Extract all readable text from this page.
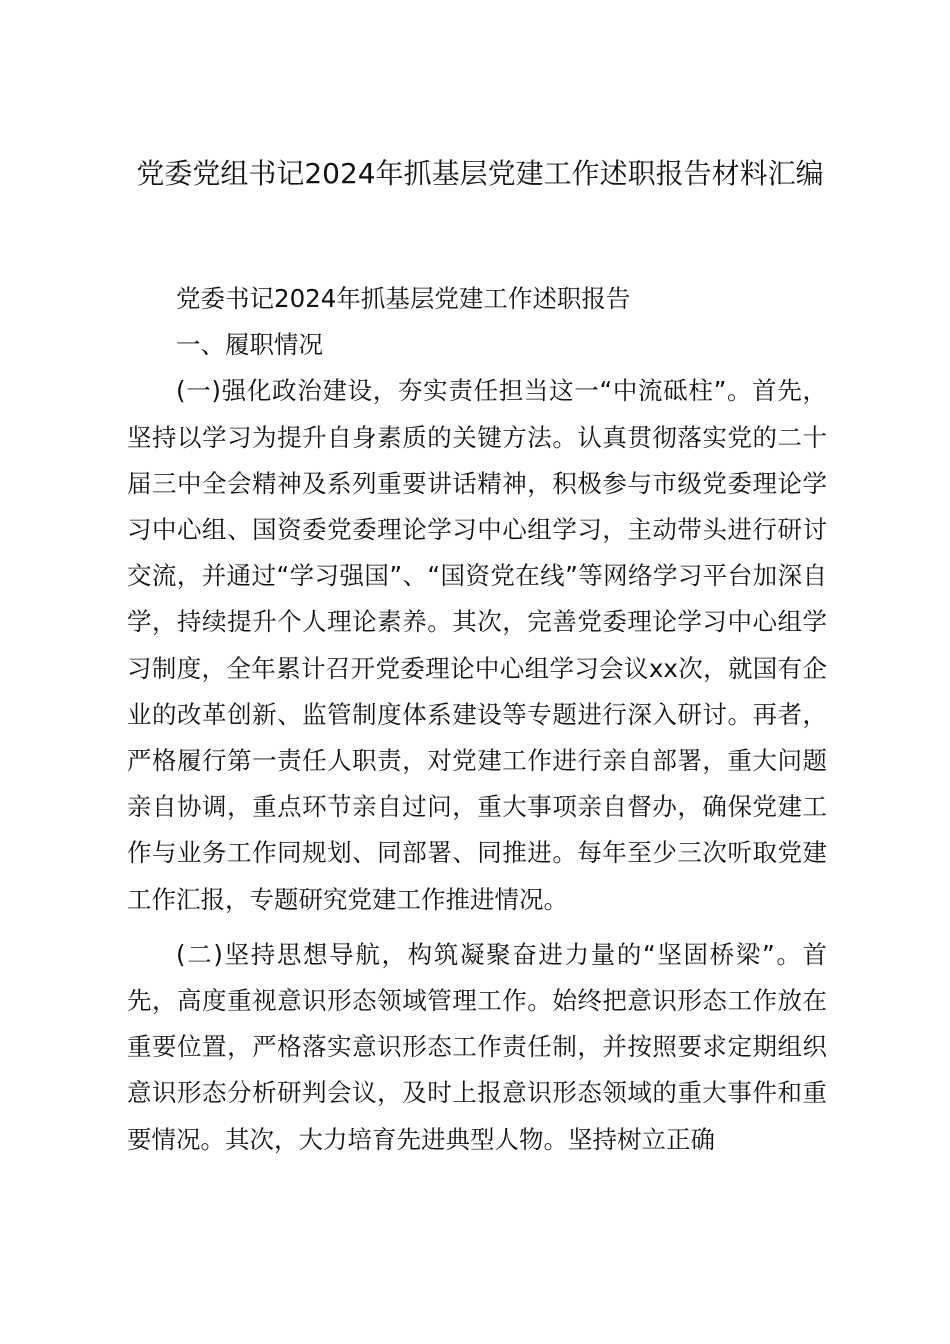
党委党组书记2024年抓基层党建工作述职报告材料汇编

党委书记2024年抓基层党建工作述职报告

一、履职情况

(一)强化政治建设，夯实责任担当这一“中流砥柱”。首先，坚持以学习为提升自身素质的关键方法。认真贯彻落实党的二十届三中全会精神及系列重要讲话精神，积极参与市级党委理论学习中心组、国资委党委理论学习中心组学习，主动带头进行研讨交流，并通过“学习强国”、“国资党在线”等网络学习平台加深自学，持续提升个人理论素养。其次，完善党委理论学习中心组学习制度，全年累计召开党委理论中心组学习会议xx次，就国有企业的改革创新、监管制度体系建设等专题进行深入研讨。再者，严格履行第一责任人职责，对党建工作进行亲自部署，重大问题亲自协调，重点环节亲自过问，重大事项亲自督办，确保党建工作与业务工作同规划、同部署、同推进。每年至少三次听取党建工作汇报，专题研究党建工作推进情况。

(二)坚持思想导航，构筑凝聚奋进力量的“坚固桥梁”。首先，高度重视意识形态领域管理工作。始终把意识形态工作放在重要位置，严格落实意识形态工作责任制，并按照要求定期组织意识形态分析研判会议，及时上报意识形态领域的重大事件和重要情况。其次，大力培育先进典型人物。坚持树立正确
